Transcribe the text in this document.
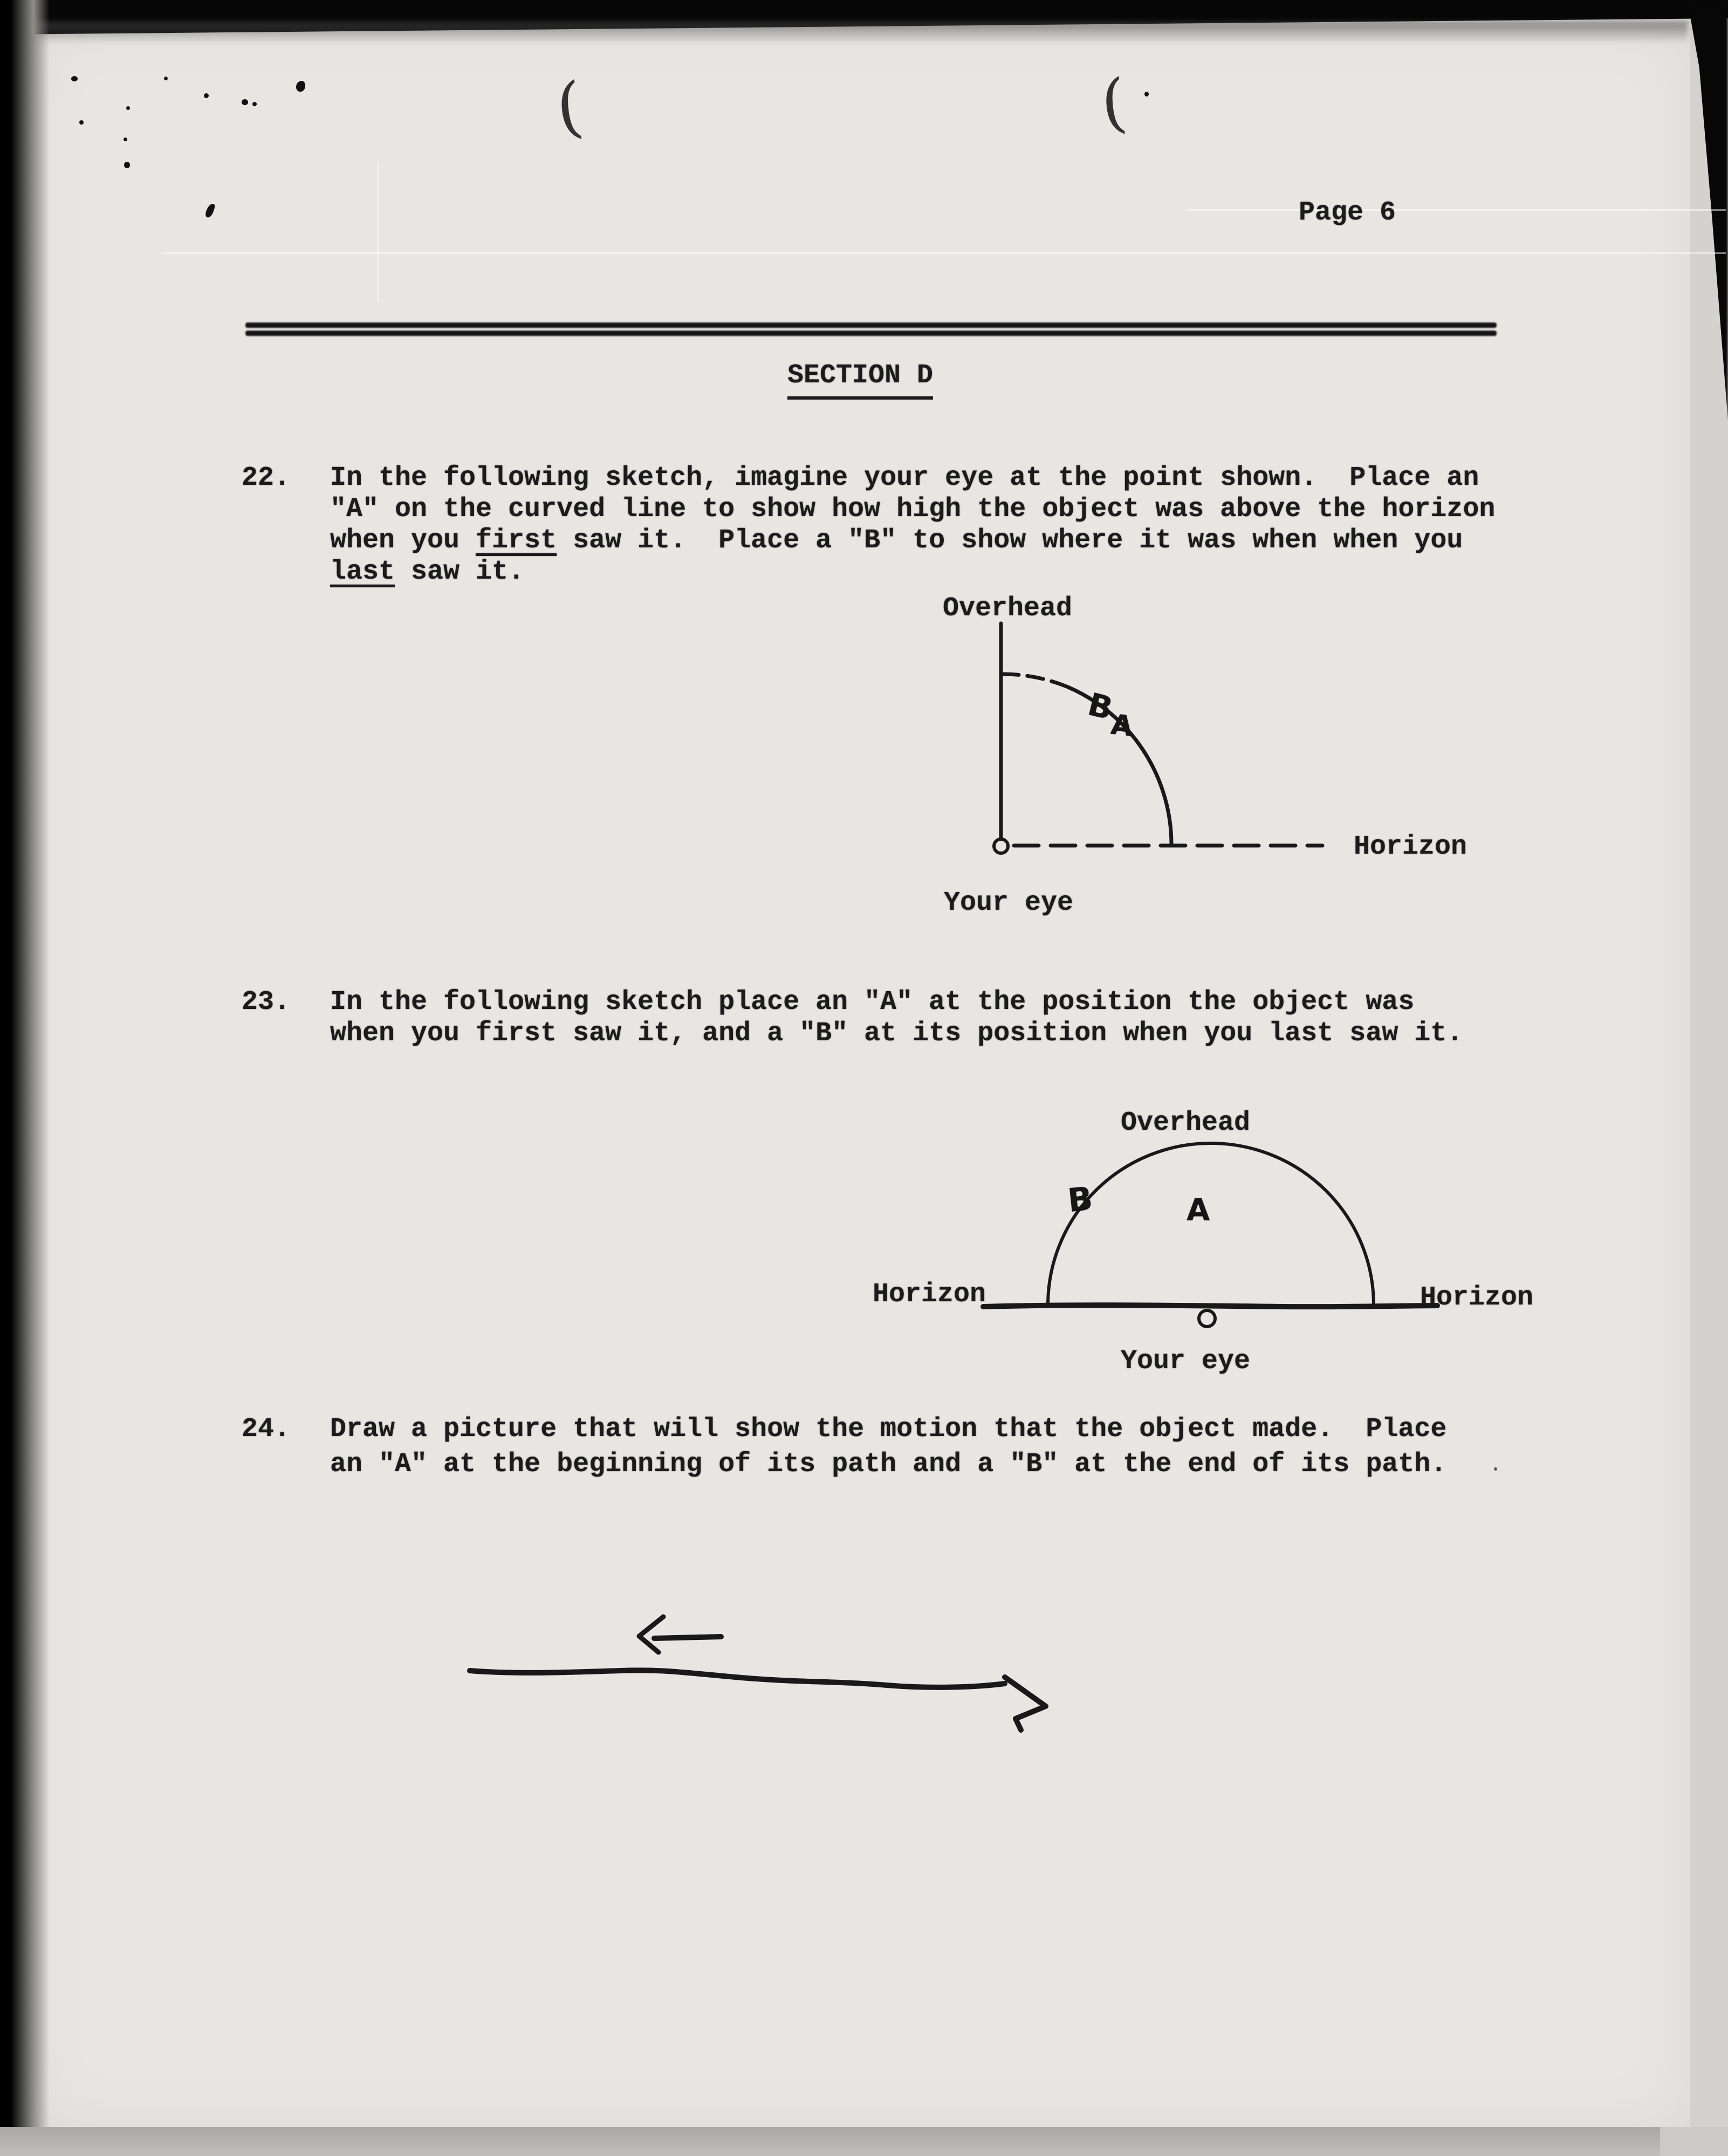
(	(
Page 6
SECTION D
22. In the following sketch, imagine your eye at the point shown.  Place an
"A" on the curved line to show how high the object was above the horizon
when you first saw it.  Place a "B" to show where it was when when you
last saw it.
Overhead
Horizon
Your eye
B
A
23. In the following sketch place an "A" at the position the object was
when you first saw it, and a "B" at its position when you last saw it.
Overhead
Horizon	Horizon
Your eye
B	A
24. Draw a picture that will show the motion that the object made.  Place
an "A" at the beginning of its path and a "B" at the end of its path.
